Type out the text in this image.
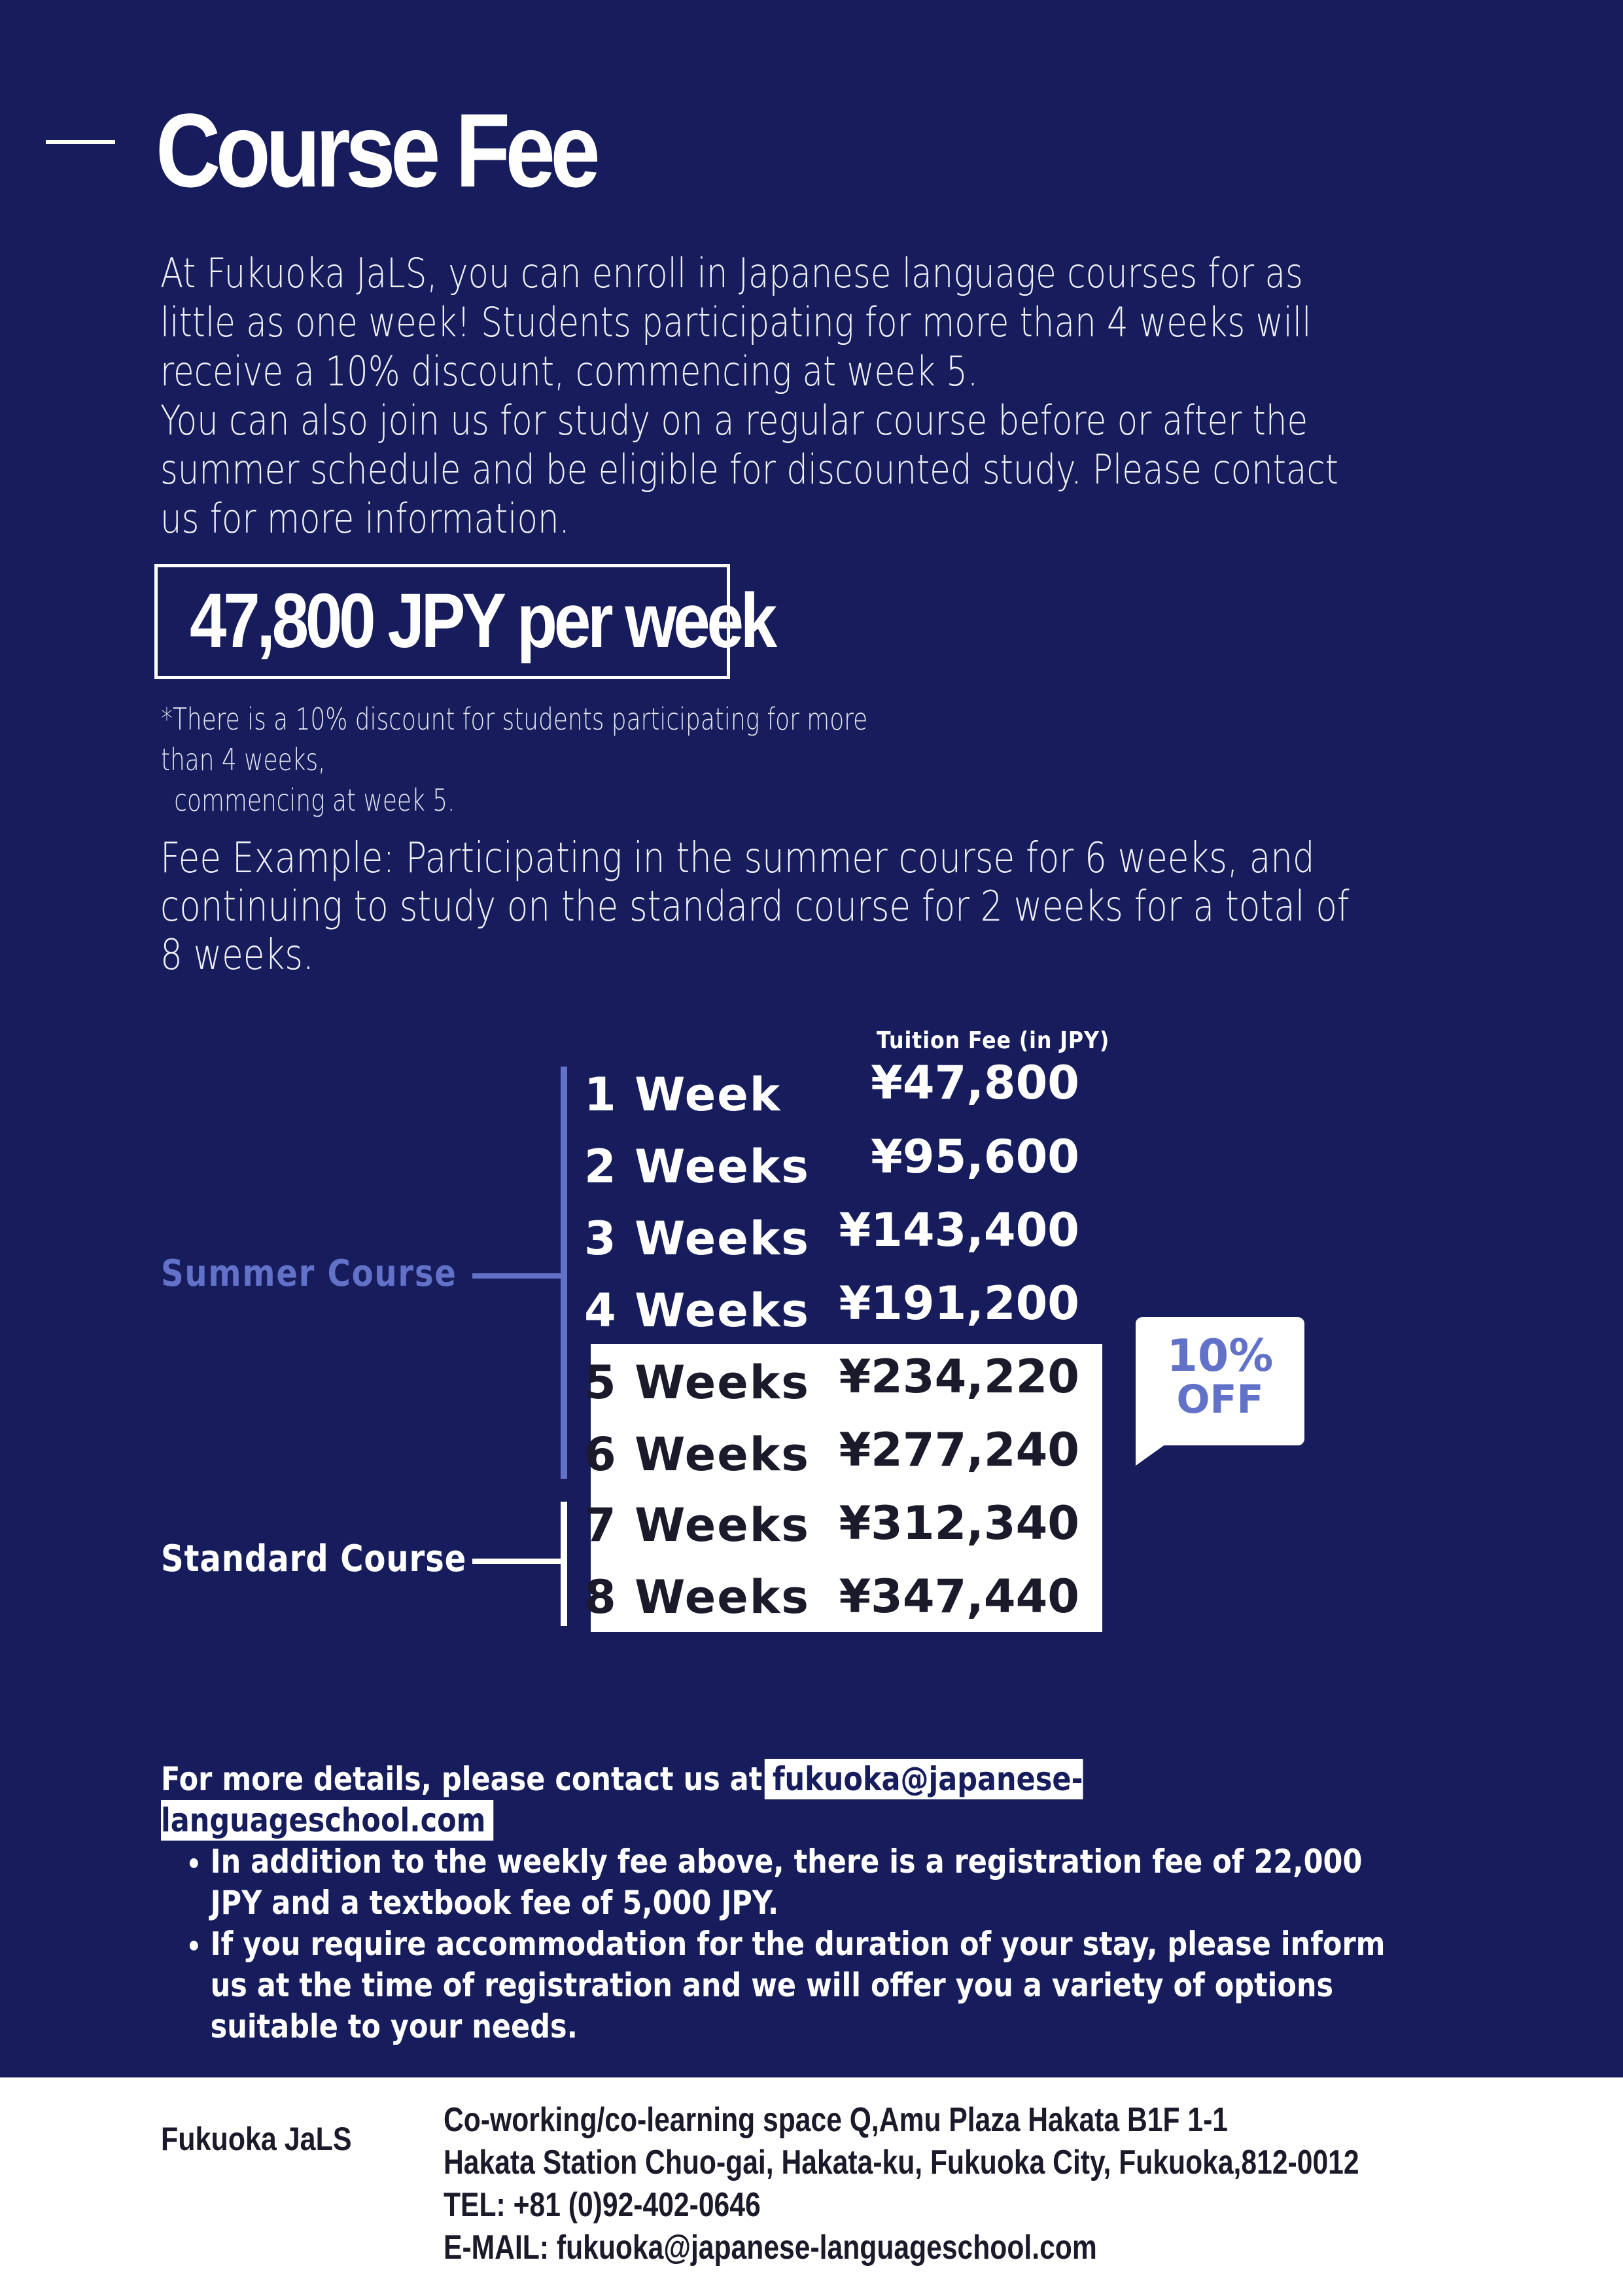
Course Fee

At Fukuoka JaLS, you can enroll in Japanese language courses for as little as one week! Students participating for more than 4 weeks will receive a 10% discount, commencing at week 5.

You can also join us for study on a regular course before or after the summer schedule and be eligible for discounted study. Please contact us for more information.

47,800 JPY per week
*There is a 10% discount for students participating for more than 4 weeks,
commencing at week 5.
Fee Example: Participating in the summer course for 6 weeks, and continuing to study on the standard course for 2 weeks for a total of 8 weeks.
Tuition Fee (in JPY)
Summer Course
Standard Course
1 Week	¥47,800
2 Weeks	¥95,600
3 Weeks ¥143,400
4 Weeks ¥191,200
5 Weeks ¥234,220
6 Weeks ¥277,240
7 Weeks ¥312,340
8 Weeks ¥347,440
10%
OFF
For more details, please contact us at fukuoka@japanese-languageschool.com
• In addition to the weekly fee above, there is a registration fee of 22,000 JPY and a textbook fee of 5,000 JPY.
• If you require accommodation for the duration of your stay, please inform us at the time of registration and we will offer you a variety of options suitable to your needs.
Fukuoka JaLS	Co-working/co-learning space Q,Amu Plaza Hakata B1F 1-1
Hakata Station Chuo-gai, Hakata-ku, Fukuoka City, Fukuoka,812-0012
TEL: +81 (0)92-402-0646
E-MAIL: fukuoka@japanese-languageschool.com
